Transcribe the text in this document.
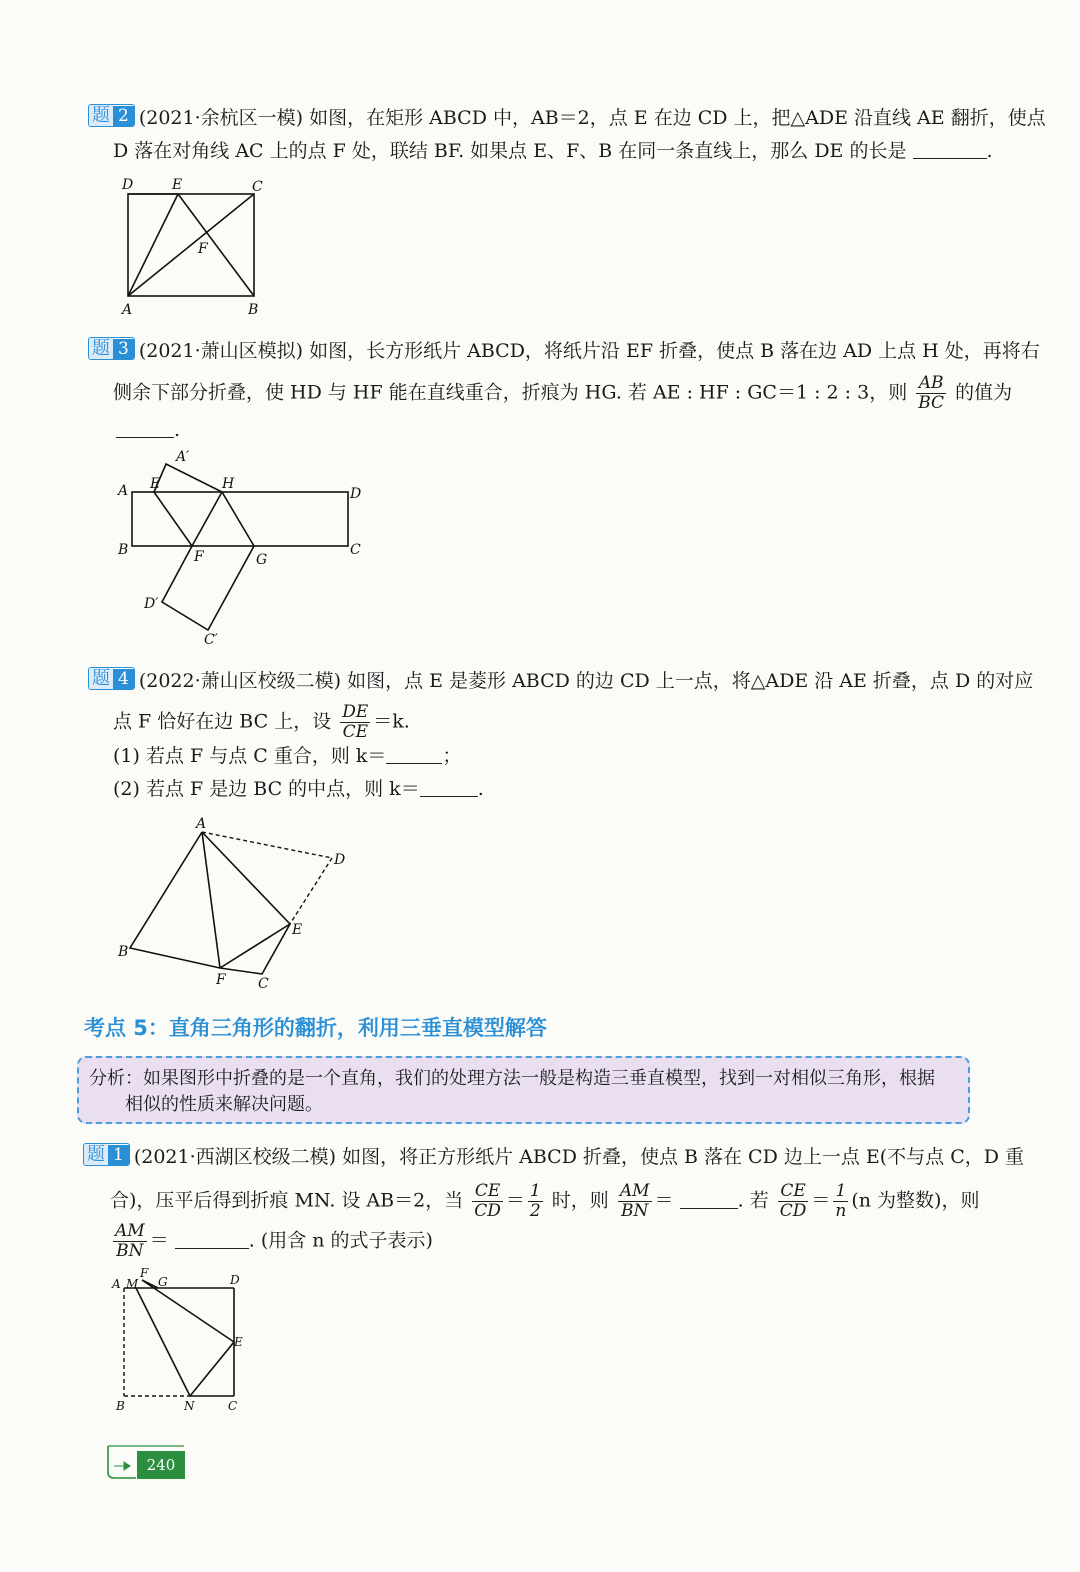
题 2 (2021·余杭区一模) 如图，在矩形 ABCD 中，AB＝2，点 E 在边 CD 上，把△ADE 沿直线 AE 翻折，使点
D 落在对角线 AC 上的点 F 处，联结 BF. 如果点 E、F、B 在同一条直线上，那么 DE 的长是	.
D	E	C
F
A	B
题 3 (2021·萧山区模拟) 如图，长方形纸片 ABCD，将纸片沿 EF 折叠，使点 B 落在边 AD 上点 H 处，再将右
侧余下部分折叠，使 HD 与 HF 能在直线重合，折痕为 HG. 若 AE : HF : GC＝1 : 2 : 3，则 $\frac{AB}{BC}$ 的值为
.
A′
A E	H
D
B	F	G
C
D′
C′
题 4 (2022·萧山区校级二模) 如图，点 E 是菱形 ABCD 的边 CD 上一点，将△ADE 沿 AE 折叠，点 D 的对应
点 F 恰好在边 BC 上，设 $\frac{DE}{CE} =k$.
(1) 若点 F 与点 C 重合，则 k＝	；
(2) 若点 F 是边 BC 的中点，则 k＝	.
A
D
E
B
F C
考点 5：直角三角形的翻折，利用三垂直模型解答
分析：如果图形中折叠的是一个直角，我们的处理方法一般是构造三垂直模型，找到一对相似三角形，根据
相似的性质来解决问题。
题 1 (2021·西湖区校级二模) 如图，将正方形纸片 ABCD 折叠，使点 B 落在 CD 边上一点 E(不与点 C，D 重
合)，压平后得到折痕 MN. 设 AB＝2，当 $\frac{CE}{CD} = \frac{1}{2}$ 时，则 $\frac{AM}{BN}$ ＝	. 若 $\frac{CE}{CD} = \frac{1}{n} (n$ 为整数)，则
$\frac{AM}{BN}$ ＝	. (用含 n 的式子表示)
A M
F
G	D
E
B	N	C
240
